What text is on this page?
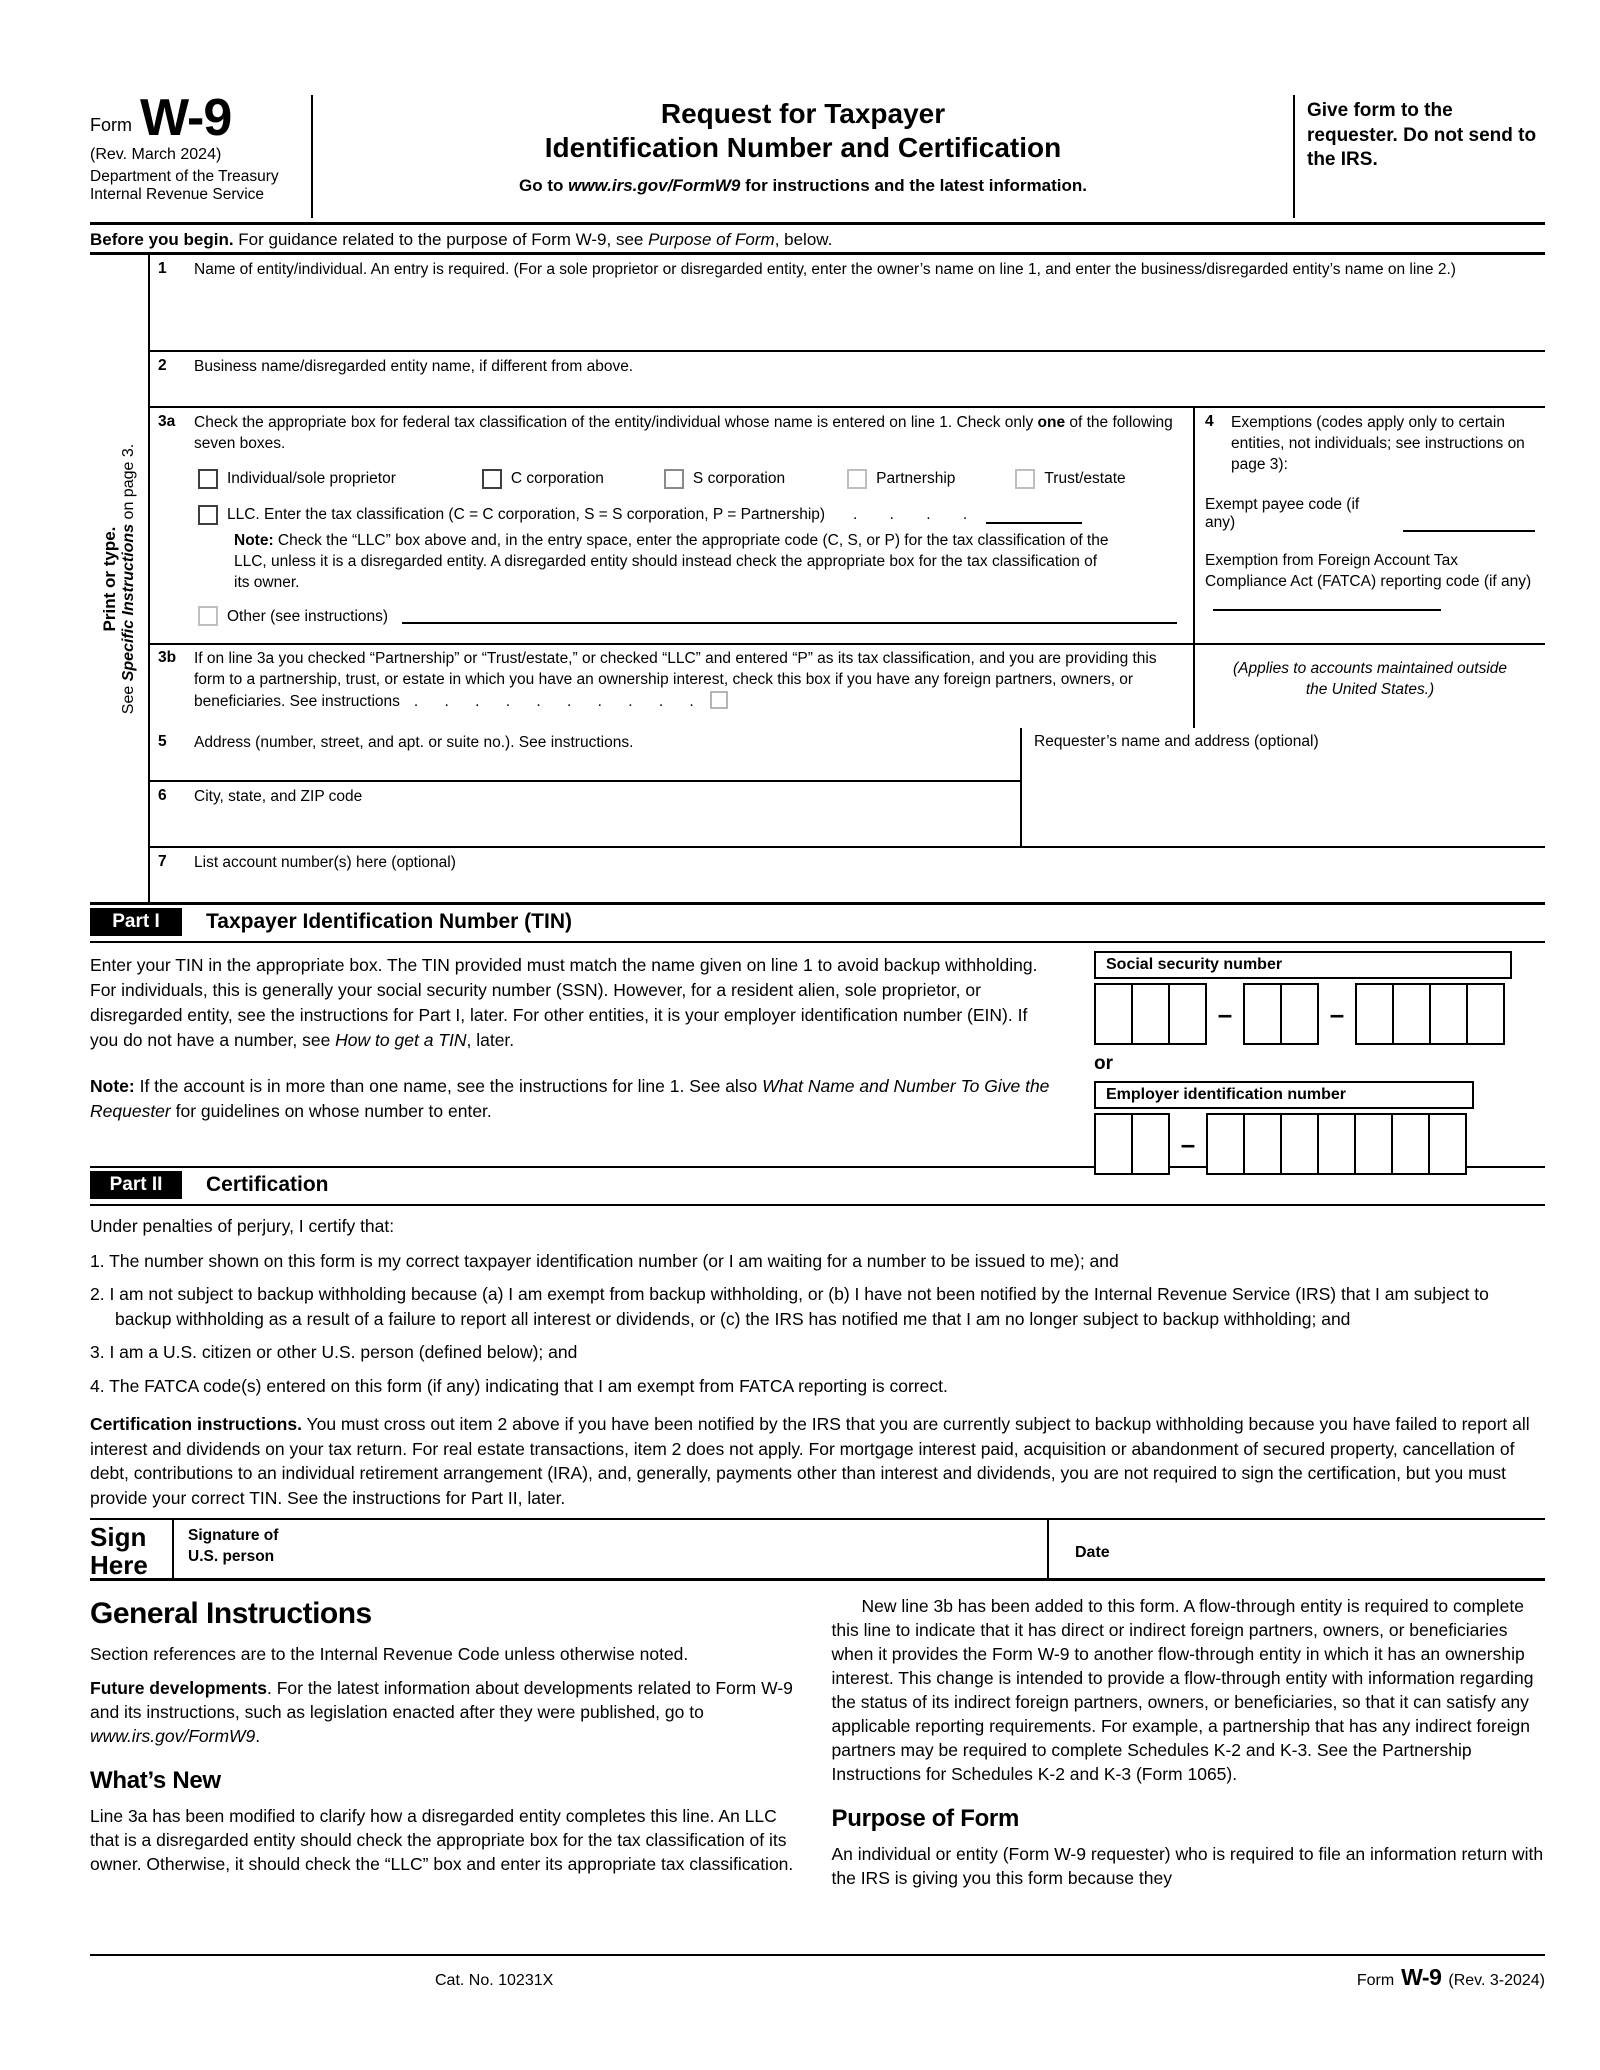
Form W-9
(Rev. March 2024)
Department of the Treasury
Internal Revenue Service
Request for Taxpayer
Identification Number and Certification
Go to www.irs.gov/FormW9 for instructions and the latest information.
Give form to the requester. Do not send to the IRS.
Before you begin. For guidance related to the purpose of Form W-9, see Purpose of Form, below.
Print or type.
See Specific Instructions on page 3.
1	Name of entity/individual. An entry is required. (For a sole proprietor or disregarded entity, enter the owner’s name on line 1, and enter the business/disregarded entity’s name on line 2.)
2	Business name/disregarded entity name, if different from above.
3a	Check the appropriate box for federal tax classification of the entity/individual whose name is entered on line 1. Check only one of the following seven boxes.
Individual/sole proprietor	C corporation	S corporation	Partnership	Trust/estate
LLC. Enter the tax classification (C = C corporation, S = S corporation, P = Partnership) . . . .
Note: Check the “LLC” box above and, in the entry space, enter the appropriate code (C, S, or P) for the tax classification of the LLC, unless it is a disregarded entity. A disregarded entity should instead check the appropriate box for the tax classification of its owner.
Other (see instructions)
4	Exemptions (codes apply only to certain entities, not individuals; see instructions on page 3):
Exempt payee code (if any)
Exemption from Foreign Account Tax Compliance Act (FATCA) reporting code (if any)
3b	If on line 3a you checked “Partnership” or “Trust/estate,” or checked “LLC” and entered “P” as its tax classification, and you are providing this form to a partnership, trust, or estate in which you have an ownership interest, check this box if you have any foreign partners, owners, or beneficiaries. See instructions . . . . . . . . . .
(Applies to accounts maintained outside the United States.)
5	Address (number, street, and apt. or suite no.). See instructions.
6	City, state, and ZIP code
Requester’s name and address (optional)
7	List account number(s) here (optional)
Part I	Taxpayer Identification Number (TIN)
Enter your TIN in the appropriate box. The TIN provided must match the name given on line 1 to avoid backup withholding. For individuals, this is generally your social security number (SSN). However, for a resident alien, sole proprietor, or disregarded entity, see the instructions for Part I, later. For other entities, it is your employer identification number (EIN). If you do not have a number, see How to get a TIN, later.
Note: If the account is in more than one name, see the instructions for line 1. See also What Name and Number To Give the Requester for guidelines on whose number to enter.
Social security number
–	–
or
Employer identification number
–
Part II	Certification
Under penalties of perjury, I certify that:
1. The number shown on this form is my correct taxpayer identification number (or I am waiting for a number to be issued to me); and
2. I am not subject to backup withholding because (a) I am exempt from backup withholding, or (b) I have not been notified by the Internal Revenue Service (IRS) that I am subject to backup withholding as a result of a failure to report all interest or dividends, or (c) the IRS has notified me that I am no longer subject to backup withholding; and
3. I am a U.S. citizen or other U.S. person (defined below); and
4. The FATCA code(s) entered on this form (if any) indicating that I am exempt from FATCA reporting is correct.
Certification instructions. You must cross out item 2 above if you have been notified by the IRS that you are currently subject to backup withholding because you have failed to report all interest and dividends on your tax return. For real estate transactions, item 2 does not apply. For mortgage interest paid, acquisition or abandonment of secured property, cancellation of debt, contributions to an individual retirement arrangement (IRA), and, generally, payments other than interest and dividends, you are not required to sign the certification, but you must provide your correct TIN. See the instructions for Part II, later.
Sign
Here
Signature of
U.S. person	Date
General Instructions

Section references are to the Internal Revenue Code unless otherwise noted.

Future developments. For the latest information about developments related to Form W-9 and its instructions, such as legislation enacted after they were published, go to www.irs.gov/FormW9.

What’s New

Line 3a has been modified to clarify how a disregarded entity completes this line. An LLC that is a disregarded entity should check the appropriate box for the tax classification of its owner. Otherwise, it should check the “LLC” box and enter its appropriate tax classification.

New line 3b has been added to this form. A flow-through entity is required to complete this line to indicate that it has direct or indirect foreign partners, owners, or beneficiaries when it provides the Form W-9 to another flow-through entity in which it has an ownership interest. This change is intended to provide a flow-through entity with information regarding the status of its indirect foreign partners, owners, or beneficiaries, so that it can satisfy any applicable reporting requirements. For example, a partnership that has any indirect foreign partners may be required to complete Schedules K-2 and K-3. See the Partnership Instructions for Schedules K-2 and K-3 (Form 1065).

Purpose of Form

An individual or entity (Form W-9 requester) who is required to file an information return with the IRS is giving you this form because they

Cat. No. 10231X	Form W-9 (Rev. 3-2024)
